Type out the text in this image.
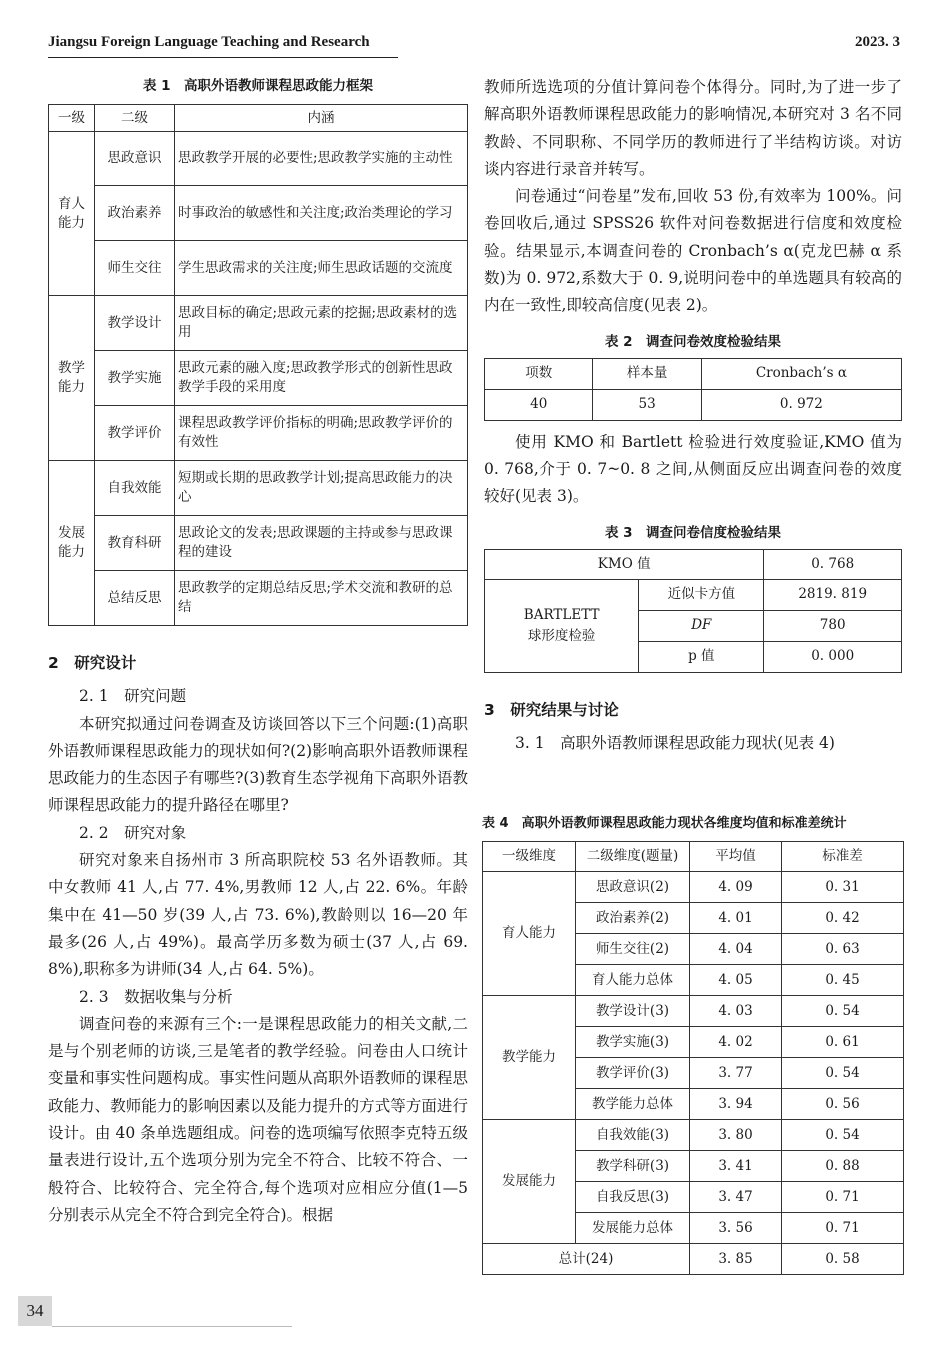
Jiangsu Foreign Language Teaching and Research	2023. 3
表 1　高职外语教师课程思政能力框架
一级	二级	内涵
育人能力	思政意识	思政教学开展的必要性;思政教学实施的主动性
	政治素养	时事政治的敏感性和关注度;政治类理论的学习
	师生交往	学生思政需求的关注度;师生思政话题的交流度
教学能力	教学设计	思政目标的确定;思政元素的挖掘;思政素材的选用
	教学实施	思政元素的融入度;思政教学形式的创新性思政教学手段的采用度
	教学评价	课程思政教学评价指标的明确;思政教学评价的有效性
发展能力	自我效能	短期或长期的思政教学计划;提高思政能力的决心
	教育科研	思政论文的发表;思政课题的主持或参与思政课程的建设
	总结反思	思政教学的定期总结反思;学术交流和教研的总结
2　研究设计
2. 1　研究问题

本研究拟通过问卷调查及访谈回答以下三个问题:(1)高职外语教师课程思政能力的现状如何?(2)影响高职外语教师课程思政能力的生态因子有哪些?(3)教育生态学视角下高职外语教师课程思政能力的提升路径在哪里?

2. 2　研究对象

研究对象来自扬州市 3 所高职院校 53 名外语教师。其中女教师 41 人,占 77. 4%,男教师 12 人,占 22. 6%。年龄集中在 41—50 岁(39 人,占 73. 6%),教龄则以 16—20 年最多(26 人,占 49%)。最高学历多数为硕士(37 人,占 69. 8%),职称多为讲师(34 人,占 64. 5%)。

2. 3　数据收集与分析

调查问卷的来源有三个:一是课程思政能力的相关文献,二是与个别老师的访谈,三是笔者的教学经验。问卷由人口统计变量和事实性问题构成。事实性问题从高职外语教师的课程思政能力、教师能力的影响因素以及能力提升的方式等方面进行设计。由 40 条单选题组成。问卷的选项编写依照李克特五级量表进行设计,五个选项分别为完全不符合、比较不符合、一般符合、比较符合、完全符合,每个选项对应相应分值(1—5 分别表示从完全不符合到完全符合)。根据

教师所选选项的分值计算问卷个体得分。同时,为了进一步了解高职外语教师课程思政能力的影响情况,本研究对 3 名不同教龄、不同职称、不同学历的教师进行了半结构访谈。对访谈内容进行录音并转写。

问卷通过“问卷星”发布,回收 53 份,有效率为 100%。问卷回收后,通过 SPSS26 软件对问卷数据进行信度和效度检验。结果显示,本调查问卷的 Cronbach’s α(克龙巴赫 α 系数)为 0. 972,系数大于 0. 9,说明问卷中的单选题具有较高的内在一致性,即较高信度(见表 2)。

表 2　调查问卷效度检验结果
项数	样本量	Cronbach’s α
40	53	0. 972

使用 KMO 和 Bartlett 检验进行效度验证,KMO 值为 0. 768,介于 0. 7~0. 8 之间,从侧面反应出调查问卷的效度较好(见表 3)。

表 3　调查问卷信度检验结果
KMO 值		0. 768
BARTLETT
球形度检验	近似卡方值	2819. 819
	DF	780
	p 值	0. 000
3　研究结果与讨论
3. 1　高职外语教师课程思政能力现状(见表 4)
表 4　高职外语教师课程思政能力现状各维度均值和标准差统计
一级维度	二级维度(题量)	平均值	标准差
育人能力	思政意识(2)	4. 09	0. 31
	政治素养(2)	4. 01	0. 42
	师生交往(2)	4. 04	0. 63
	育人能力总体	4. 05	0. 45
教学能力	教学设计(3)	4. 03	0. 54
	教学实施(3)	4. 02	0. 61
	教学评价(3)	3. 77	0. 54
	教学能力总体	3. 94	0. 56
发展能力	自我效能(3)	3. 80	0. 54
	教学科研(3)	3. 41	0. 88
	自我反思(3)	3. 47	0. 71
	发展能力总体	3. 56	0. 71
总计(24)		3. 85	0. 58
34
